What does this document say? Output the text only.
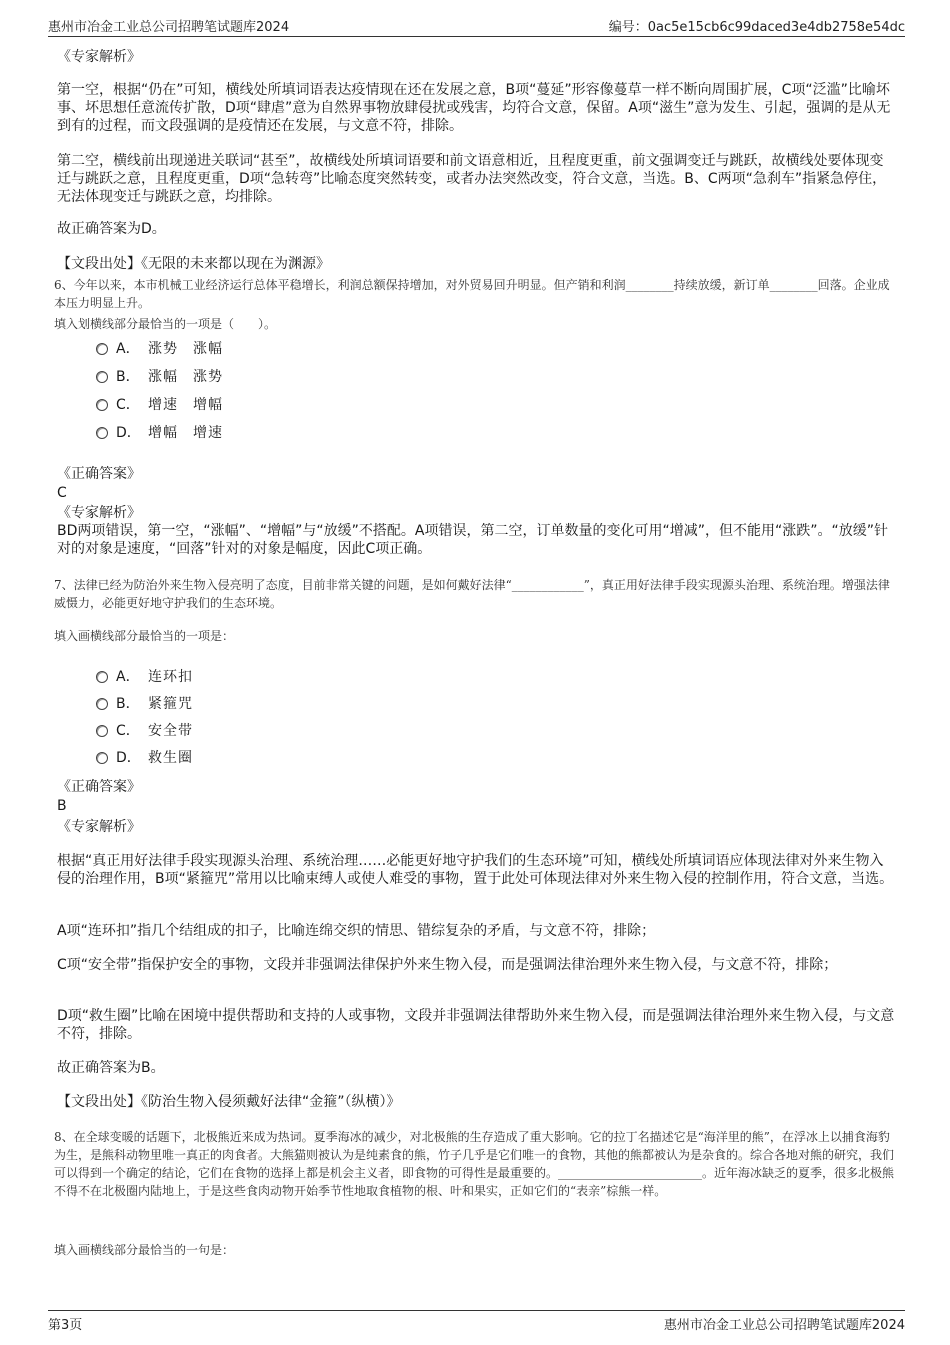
惠州市冶金工业总公司招聘笔试题库2024	编号：0ac5e15cb6c99daced3e4db2758e54dc

《专家解析》

第一空，根据“仍在”可知，横线处所填词语表达疫情现在还在发展之意，B项“蔓延”形容像蔓草一样不断向周围扩展，C项“泛滥”比喻坏事、坏思想任意流传扩散，D项“肆虐”意为自然界事物放肆侵扰或残害，均符合文意，保留。A项“滋生”意为发生、引起，强调的是从无到有的过程，而文段强调的是疫情还在发展，与文意不符，排除。

第二空，横线前出现递进关联词“甚至”，故横线处所填词语要和前文语意相近，且程度更重，前文强调变迁与跳跃，故横线处要体现变迁与跳跃之意，且程度更重，D项“急转弯”比喻态度突然转变，或者办法突然改变，符合文意，当选。B、C两项“急刹车”指紧急停住，无法体现变迁与跳跃之意，均排除。

故正确答案为D。

【文段出处】《无限的未来都以现在为渊源》

6、今年以来，本市机械工业经济运行总体平稳增长，利润总额保持增加，对外贸易回升明显。但产销和利润________持续放缓，新订单________回落。企业成本压力明显上升。

填入划横线部分最恰当的一项是（　　）。

A． 涨势　涨幅
B． 涨幅　涨势
C． 增速　增幅
D． 增幅　增速

《正确答案》

C

《专家解析》

BD两项错误，第一空，“涨幅”、“增幅”与“放缓”不搭配。A项错误，第二空，订单数量的变化可用“增减”，但不能用“涨跌”。“放缓”针对的对象是速度，“回落”针对的对象是幅度，因此C项正确。

7、法律已经为防治外来生物入侵亮明了态度，目前非常关键的问题，是如何戴好法律“____________”，真正用好法律手段实现源头治理、系统治理。增强法律威慑力，必能更好地守护我们的生态环境。

填入画横线部分最恰当的一项是：

A． 连环扣
B． 紧箍咒
C． 安全带
D． 救生圈

《正确答案》

B

《专家解析》

根据“真正用好法律手段实现源头治理、系统治理……必能更好地守护我们的生态环境”可知，横线处所填词语应体现法律对外来生物入侵的治理作用，B项“紧箍咒”常用以比喻束缚人或使人难受的事物，置于此处可体现法律对外来生物入侵的控制作用，符合文意，当选。

A项“连环扣”指几个结组成的扣子，比喻连绵交织的情思、错综复杂的矛盾，与文意不符，排除；

C项“安全带”指保护安全的事物，文段并非强调法律保护外来生物入侵，而是强调法律治理外来生物入侵，与文意不符，排除；

D项“救生圈”比喻在困境中提供帮助和支持的人或事物，文段并非强调法律帮助外来生物入侵，而是强调法律治理外来生物入侵，与文意不符，排除。

故正确答案为B。

【文段出处】《防治生物入侵须戴好法律“金箍”（纵横）》

8、在全球变暖的话题下，北极熊近来成为热词。夏季海冰的减少，对北极熊的生存造成了重大影响。它的拉丁名描述它是“海洋里的熊”，在浮冰上以捕食海豹为生，是熊科动物里唯一真正的肉食者。大熊猫则被认为是纯素食的熊，竹子几乎是它们唯一的食物，其他的熊都被认为是杂食的。综合各地对熊的研究，我们可以得到一个确定的结论，它们在食物的选择上都是机会主义者，即食物的可得性是最重要的。________________________。近年海冰缺乏的夏季，很多北极熊不得不在北极圈内陆地上，于是这些食肉动物开始季节性地取食植物的根、叶和果实，正如它们的“表亲”棕熊一样。

填入画横线部分最恰当的一句是：

第3页	惠州市冶金工业总公司招聘笔试题库2024
